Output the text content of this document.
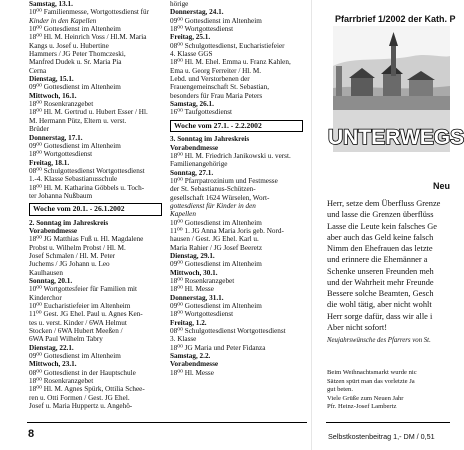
Samstag, 13.1.
10⁰⁰ Familienmesse, Wortgottesdienst für
Kinder in den Kapellen
10⁰⁰ Gottesdienst im Altenheim
18⁰⁰ Hl. M. Heinrich Voss / Hl.M. Maria
Kangs u. Josef u. Hubertine
Hammers / JG Peter Thomczeski,
Manfred Dudek u. Sr. Maria Pia
Cerna
Dienstag, 15.1.
09⁰⁰ Gottesdienst im Altenheim
Mittwoch, 16.1.
18⁰⁰ Rosenkranzgebet
18⁰⁰ Hl. M. Gertrud u. Hubert Esser / Hl.
M. Hermann Pütz, Eltern u. verst.
Brüder
Donnerstag, 17.1.
09⁰⁰ Gottesdienst im Altenheim
18⁰⁰ Wortgottesdienst
Freitag, 18.1.
08⁰⁰ Schulgottesdienst Wortgottesdienst
1.-4. Klasse Sebastianusschule
18⁰⁰ Hl. M. Katharina Göbbels u. Toch-
ter Johanna Nußbaum
Woche vom 20.1. - 26.1.2002
2. Sonntag im Jahreskreis
Vorabendmesse
18⁰⁰ JG Matthias Fuß u. Hl. Magdalene
Probst u. Wilhelm Probst / Hl. M.
Josef Schmalen / Hl. M. Peter
Juchems / JG Johann u. Leo
Kaulhausen
Sonntag, 20.1.
10⁰⁰ Wortgottesfeier für Familien mit
Kinderchor
10⁰⁰ Eucharistiefeier im Altenheim
11⁰⁰ Gest. JG Ehel. Paul u. Agnes Ken-
tes u. verst. Kinder / 6WA Helmut
Stocken / 6WA Hubert Meeßen /
6WA Paul Wilhelm Tabry
Dienstag, 22.1.
09⁰⁰ Gottesdienst im Altenheim
Mittwoch, 23.1.
08⁰⁰ Gottesdienst in der Hauptschule
18⁰⁰ Rosenkranzgebet
18⁰⁰ Hl. M. Agnes Spürk, Ottilia Schee-
ren u. Otti Formen / Gest. JG Ehel.
Josef u. Maria Huppertz u. Angehö-
hörige
Donnerstag, 24.1.
09⁰⁰ Gottesdienst im Altenheim
18⁰⁰ Wortgottesdienst
Freitag, 25.1.
08⁰⁰ Schulgottesdienst, Eucharistiefeier
4. Klasse GGS
18⁰⁰ Hl. M. Ehel. Emma u. Franz Kahlen,
Ema u. Georg Ferreiter / Hl. M.
Lebd. und Verstorbenen der
Frauengemeinschaft St. Sebastian,
besonders für Frau Maria Peters
Samstag, 26.1.
16⁰⁰ Taufgottesdienst
Woche vom 27.1. - 2.2.2002
3. Sonntag im Jahreskreis
Vorabendmesse
18⁰⁰ Hl. M. Friedrich Janikowski u. verst.
Familienangehörige
Sonntag, 27.1.
10⁰⁰ Pfarrpatrozinium und Festmesse
der St. Sebastianus-Schützen-
gesellschaft 1624 Würselen, Wort-
gottesdienst für Kinder in den
Kapellen
10⁰⁰ Gottesdienst im Altenheim
11⁰⁰ 1. JG Anna Maria Joris geb. Nord-
hausen / Gest. JG Ehel. Karl u.
Maria Rahier / JG Josef Beeretz
Dienstag, 29.1.
09⁰⁰ Gottesdienst im Altenheim
Mittwoch, 30.1.
18⁰⁰ Rosenkranzgebet
18⁰⁰ Hl. Messe
Donnerstag, 31.1.
09⁰⁰ Gottesdienst im Altenheim
18⁰⁰ Wortgottesdienst
Freitag, 1.2.
08⁰⁰ Schulgottesdienst Wortgottesdienst
3. Klasse
18⁰⁰ JG Maria und Peter Fidanza
Samstag, 2.2.
Vorabendmesse
18⁰⁰ Hl. Messe
8
Pfarrbrief 1/2002 der Kath. P
UNTERWEGS
Neu
Herr, setze dem Überfluss Grenze
und lasse die Grenzen überflüss
Lasse die Leute kein falsches Ge
aber auch das Geld keine falsch
Nimm den Ehefrauen das letzte
und erinnere die Ehemänner a
Schenke unseren Freunden meh
und der Wahrheit mehr Freunde
Bessere solche Beamten, Gesch
die wohl tätig, aber nicht wohlt
Herr sorge dafür, dass wir alle i
Aber nicht sofort!
Neujahrswünsche des Pfarrers von St.
Beim Weihnachtsmarkt wurde nic
Sätzen spürt man das vorletzte Ja
gut beten.
Viele Grüße zum Neuen Jahr
Pfr. Heinz-Josef Lambertz
Selbstkostenbeitrag 1,- DM / 0,51
